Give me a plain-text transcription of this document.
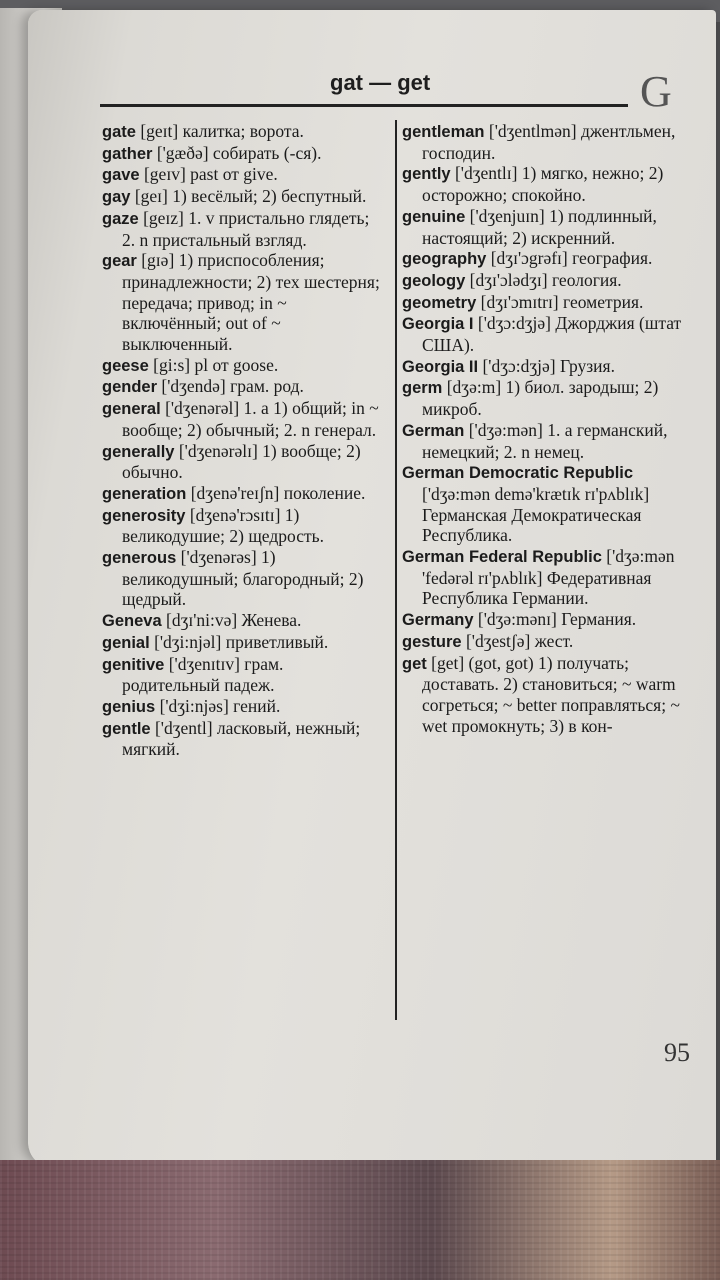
gat — get	G

gate [geɪt] калитка; ворота.

gather ['gæðə] собирать (-ся).

gave [geɪv] past от give.

gay [geɪ] 1) весёлый; 2) беспутный.

gaze [geɪz] 1. v пристально глядеть; 2. n пристальный взгляд.

gear [gɪə] 1) приспособления; принадлежности; 2) тех шестерня; передача; привод; in ~ включённый; out of ~ выключенный.

geese [gi:s] pl от goose.

gender ['dʒendə] грам. род.

general ['dʒenərəl] 1. a 1) общий; in ~ вообще; 2) обычный; 2. n генерал.

generally ['dʒenərəlɪ] 1) вообще; 2) обычно.

generation [dʒenə'reɪʃn] поколение.

generosity [dʒenə'rɔsɪtɪ] 1) великодушие; 2) щедрость.

generous ['dʒenərəs] 1) великодушный; благородный; 2) щедрый.

Geneva [dʒɪ'ni:və] Женева.

genial ['dʒi:njəl] приветливый.

genitive ['dʒenɪtɪv] грам. родительный падеж.

genius ['dʒi:njəs] гений.

gentle ['dʒentl] ласковый, нежный; мягкий.

gentleman ['dʒentlmən] джентльмен, господин.

gently ['dʒentlɪ] 1) мягко, нежно; 2) осторожно; спокойно.

genuine ['dʒenjuɪn] 1) подлинный, настоящий; 2) искренний.

geography [dʒɪ'ɔgrəfɪ] география.

geology [dʒɪ'ɔlədʒɪ] геология.

geometry [dʒɪ'ɔmɪtrɪ] геометрия.

Georgia I ['dʒɔ:dʒjə] Джорджия (штат США).

Georgia II ['dʒɔ:dʒjə] Грузия.

germ [dʒə:m] 1) биол. зародыш; 2) микроб.

German ['dʒə:mən] 1. a германский, немецкий; 2. n немец.

German Democratic Republic ['dʒə:mən demə'krætɪk rɪ'pʌblɪk] Германская Демократическая Республика.

German Federal Republic ['dʒə:mən 'fedərəl rɪ'pʌblɪk] Федеративная Республика Германии.

Germany ['dʒə:mənɪ] Германия.

gesture ['dʒestʃə] жест.

get [get] (got, got) 1) получать; доставать. 2) становиться; ~ warm согреться; ~ better поправляться; ~ wet промокнуть; 3) в кон-

95
